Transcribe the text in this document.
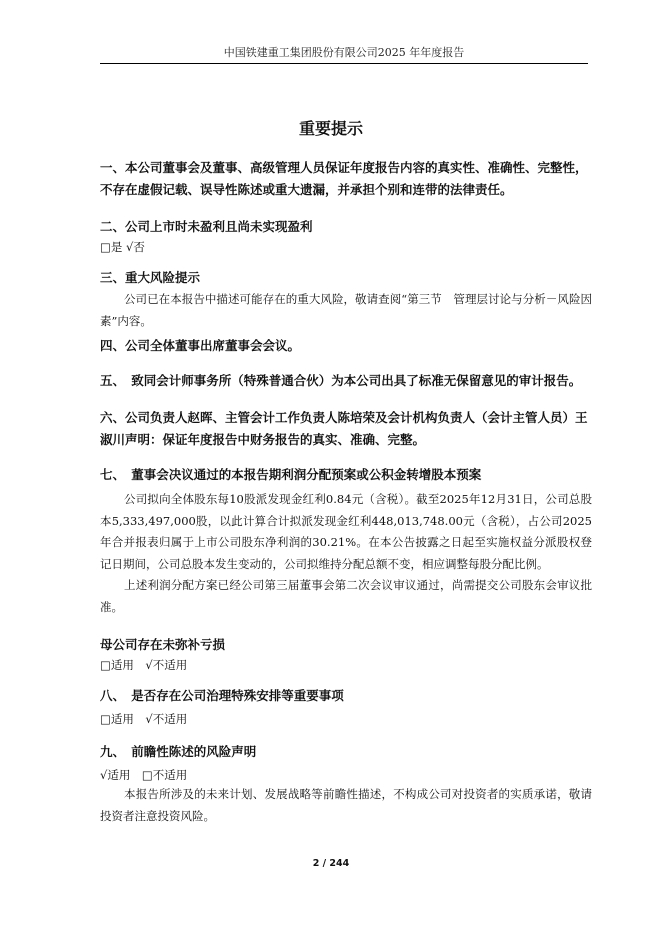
中国铁建重工集团股份有限公司2025 年年度报告
重要提示
一、本公司董事会及董事、高级管理人员保证年度报告内容的真实性、准确性、完整性，不存在虚假记载、误导性陈述或重大遗漏，并承担个别和连带的法律责任。
二、公司上市时未盈利且尚未实现盈利
□是 √否
三、重大风险提示
公司已在本报告中描述可能存在的重大风险，敬请查阅“第三节　管理层讨论与分析－风险因素”内容。
四、公司全体董事出席董事会会议。
五、　致同会计师事务所（特殊普通合伙）为本公司出具了标准无保留意见的审计报告。
六、公司负责人赵晖、主管会计工作负责人陈培荣及会计机构负责人（会计主管人员）王淑川声明：保证年度报告中财务报告的真实、准确、完整。
七、　董事会决议通过的本报告期利润分配预案或公积金转增股本预案
公司拟向全体股东每10股派发现金红利0.84元（含税）。截至2025年12月31日，公司总股本5,333,497,000股，以此计算合计拟派发现金红利448,013,748.00元（含税），占公司2025年合并报表归属于上市公司股东净利润的30.21%。在本公告披露之日起至实施权益分派股权登记日期间，公司总股本发生变动的，公司拟维持分配总额不变，相应调整每股分配比例。
上述利润分配方案已经公司第三届董事会第二次会议审议通过，尚需提交公司股东会审议批准。
母公司存在未弥补亏损
□适用　√不适用
八、　是否存在公司治理特殊安排等重要事项
□适用　√不适用
九、　前瞻性陈述的风险声明
√适用　□不适用
本报告所涉及的未来计划、发展战略等前瞻性描述，不构成公司对投资者的实质承诺，敬请投资者注意投资风险。
2 / 244
